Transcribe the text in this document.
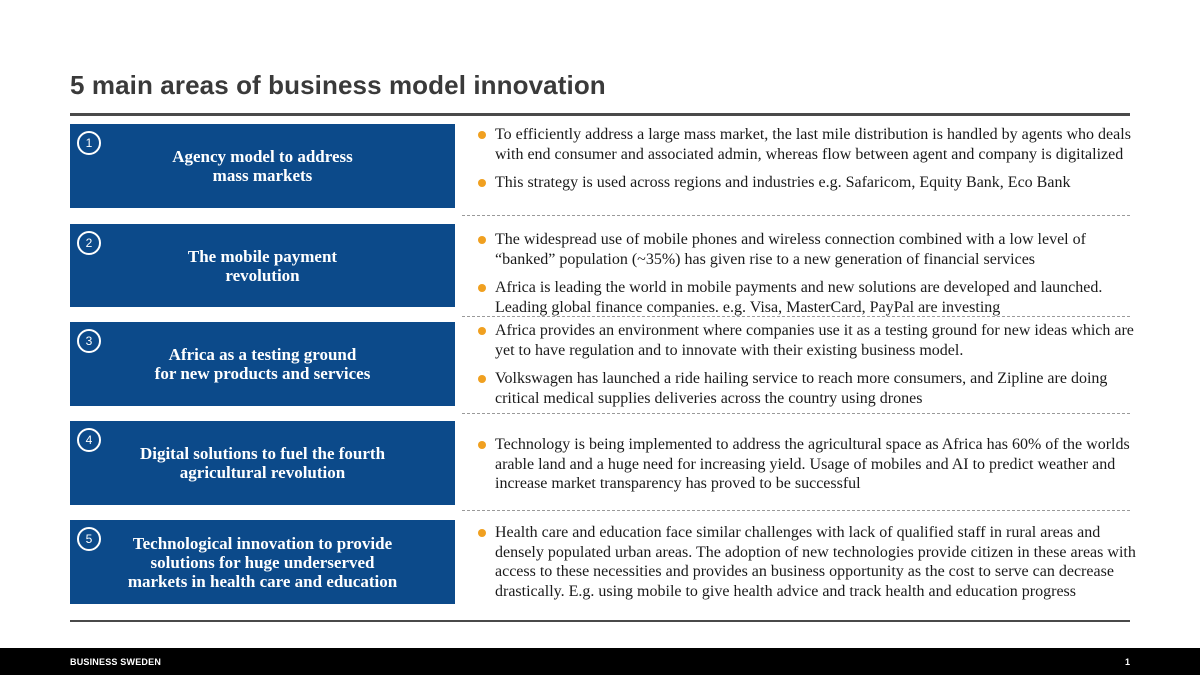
5 main areas of business model innovation
1
Agency model to address
mass markets
To efficiently address a large mass market, the last mile distribution is handled by agents who deals with end consumer and associated admin, whereas flow between agent and company is digitalized
This strategy is used across regions and industries e.g. Safaricom, Equity Bank, Eco Bank
2
The mobile payment
revolution
The widespread use of mobile phones and wireless connection combined with a low level of “banked” population (~35%) has given rise to a new generation of financial services
Africa is leading the world in mobile payments and new solutions are developed and launched. Leading global finance companies. e.g. Visa, MasterCard, PayPal are investing
3
Africa as a testing ground
for new products and services
Africa provides an environment where companies use it as a testing ground for new ideas which are yet to have regulation and to innovate with their existing business model.
Volkswagen has launched a ride hailing service to reach more consumers, and Zipline are doing critical medical supplies deliveries across the country using drones
4
Digital solutions to fuel the fourth
agricultural revolution
Technology is being implemented to address the agricultural space as Africa has 60% of the worlds arable land and a huge need for increasing yield. Usage of mobiles and AI to predict weather and increase market transparency has proved to be successful
5	Technological innovation to provide
solutions for huge underserved
markets in health care and education
Health care and education face similar challenges with lack of qualified staff in rural areas and densely populated urban areas. The adoption of new technologies provide citizen in these areas with access to these necessities and provides an business opportunity as the cost to serve can decrease drastically. E.g. using mobile to give health advice and track health and education progress
BUSINESS SWEDEN	1
